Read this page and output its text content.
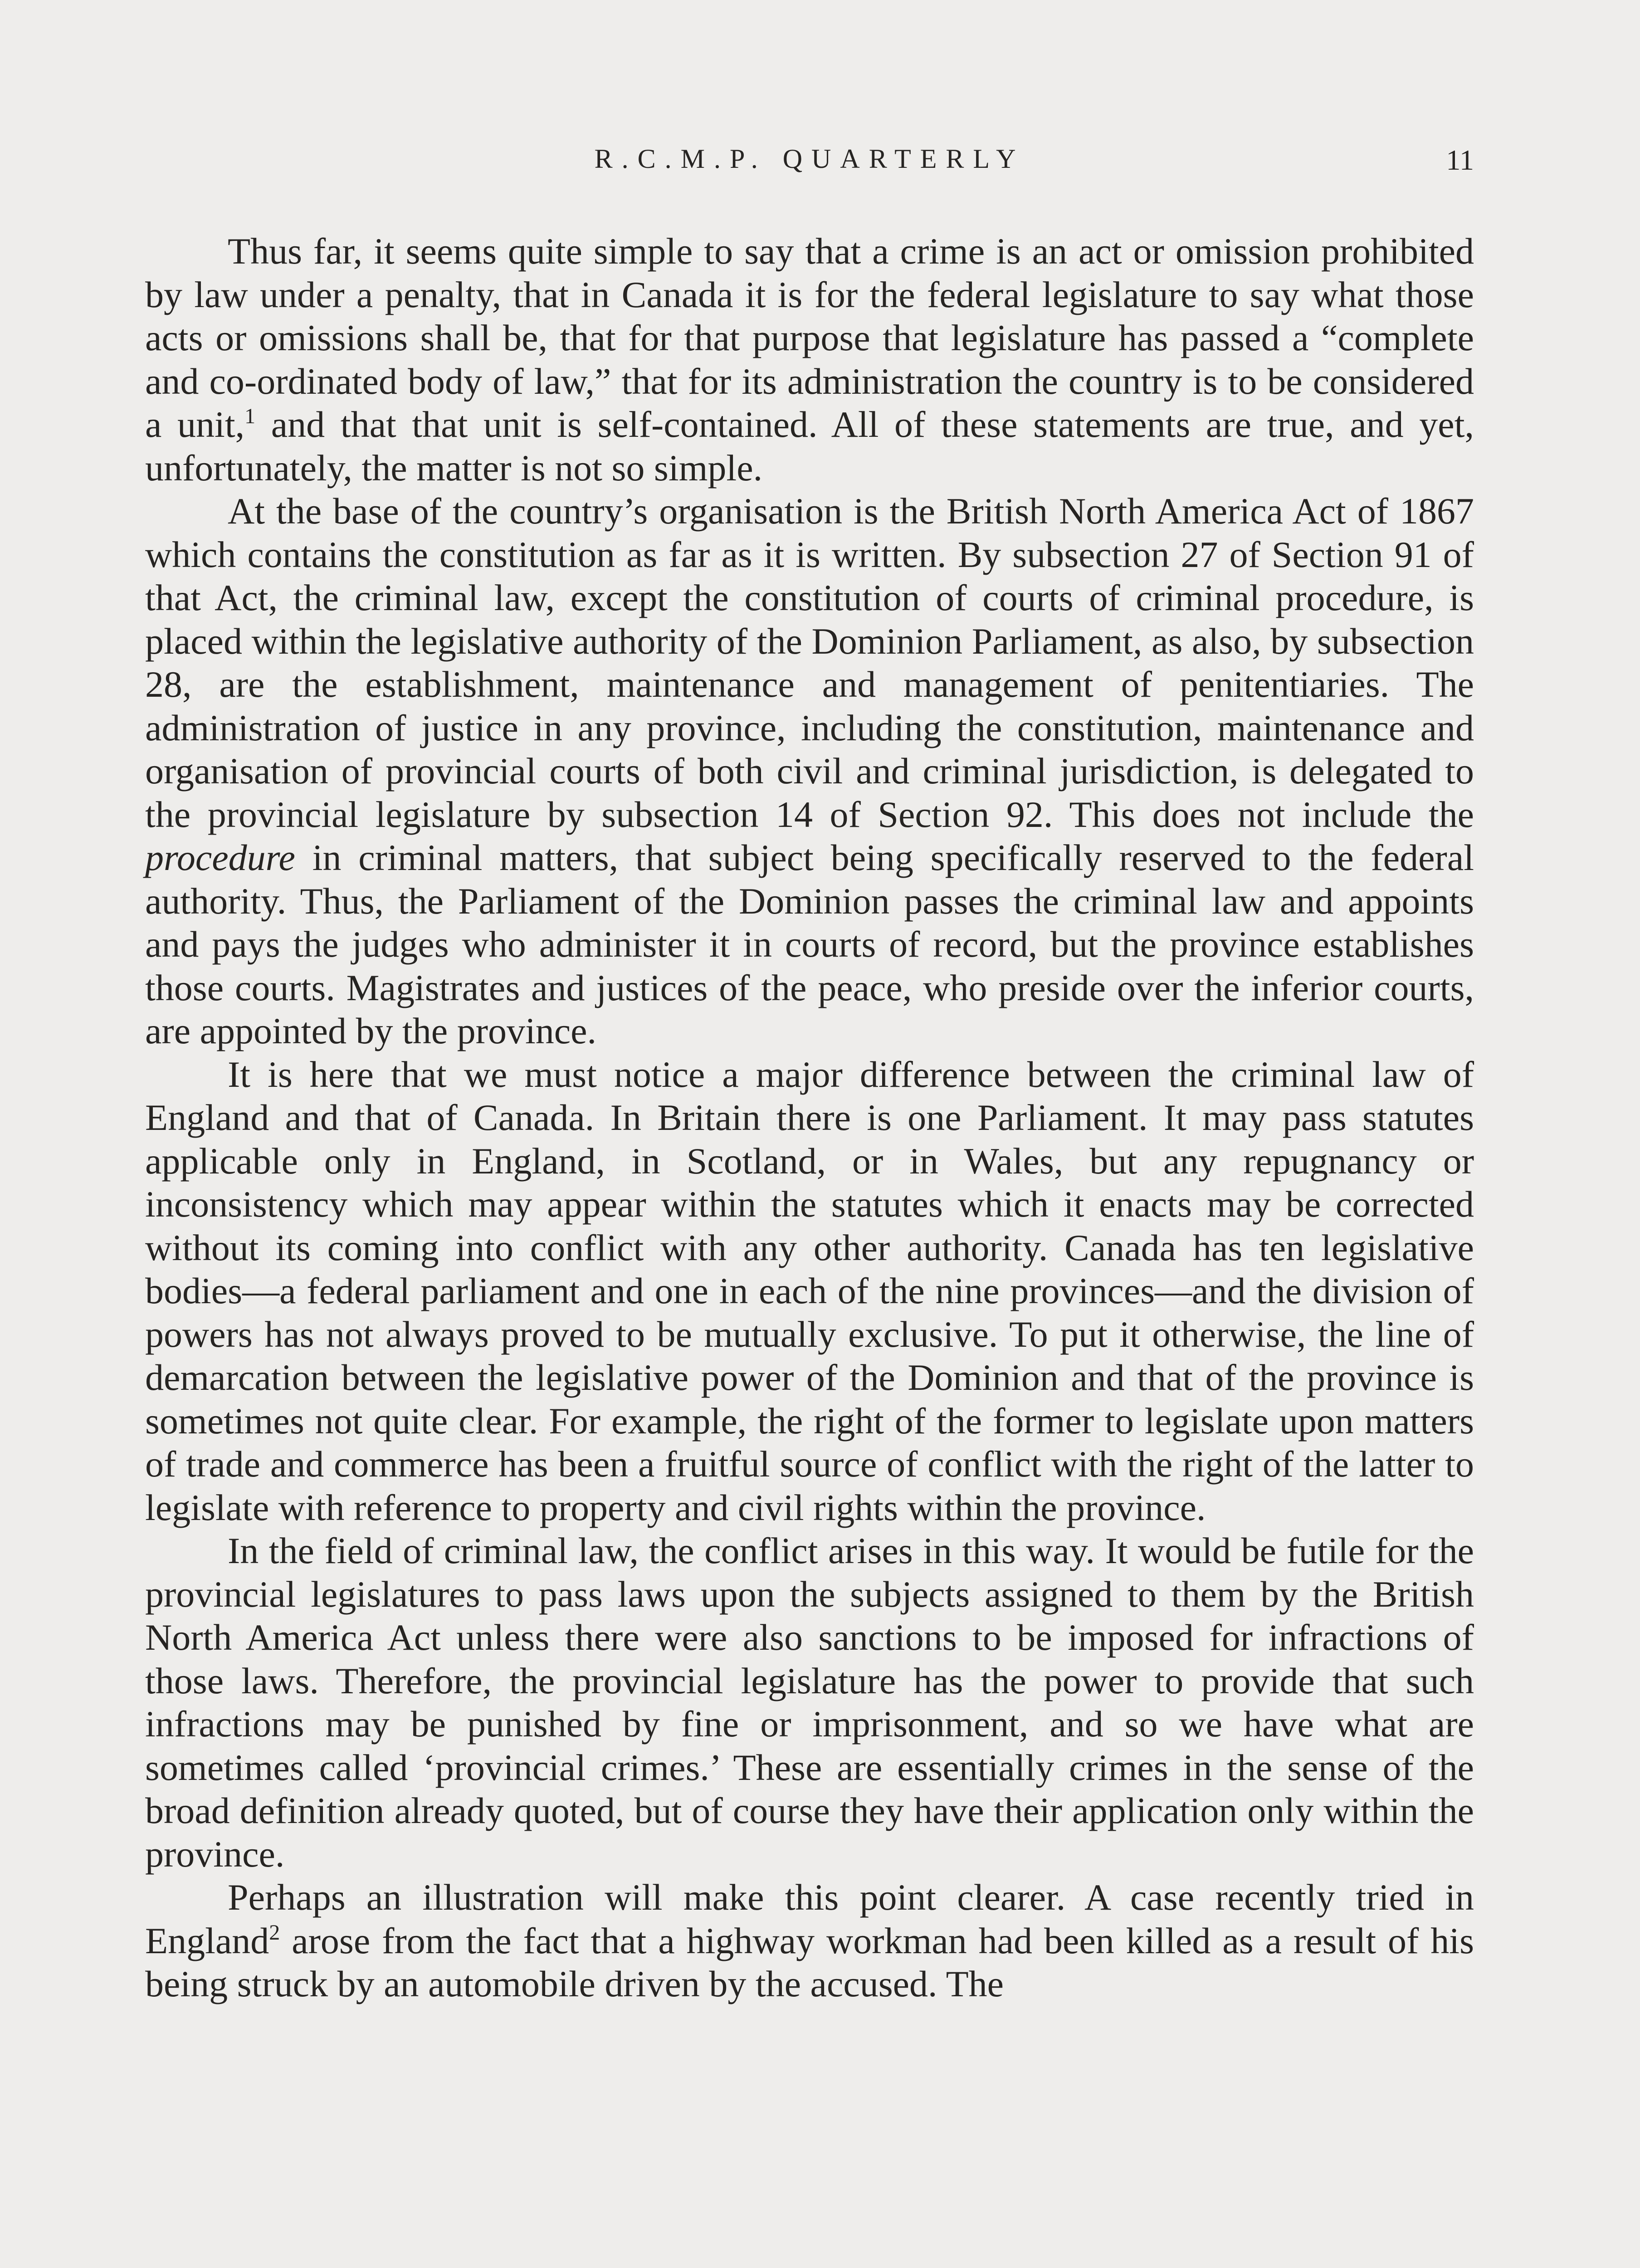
R.C.M.P. QUARTERLY	11

Thus far, it seems quite simple to say that a crime is an act or omission prohibited by law under a penalty, that in Canada it is for the federal legislature to say what those acts or omissions shall be, that for that purpose that legislature has passed a “complete and co-ordinated body of law,” that for its administration the country is to be considered a unit,$^1$ and that that unit is self-contained. All of these statements are true, and yet, unfortunately, the matter is not so simple.

At the base of the country’s organisation is the British North America Act of 1867 which contains the constitution as far as it is written. By subsection 27 of Section 91 of that Act, the criminal law, except the constitution of courts of criminal procedure, is placed within the legislative authority of the Dominion Parliament, as also, by subsection 28, are the establishment, maintenance and management of penitentiaries. The administration of justice in any province, including the constitution, maintenance and organisation of provincial courts of both civil and criminal jurisdiction, is delegated to the provincial legislature by subsection 14 of Section 92. This does not include the procedure in criminal matters, that subject being specifically reserved to the federal authority. Thus, the Parliament of the Dominion passes the criminal law and appoints and pays the judges who administer it in courts of record, but the province establishes those courts. Magistrates and justices of the peace, who preside over the inferior courts, are appointed by the province.

It is here that we must notice a major difference between the criminal law of England and that of Canada. In Britain there is one Parliament. It may pass statutes applicable only in England, in Scotland, or in Wales, but any repugnancy or inconsistency which may appear within the statutes which it enacts may be corrected without its coming into conflict with any other authority. Canada has ten legislative bodies—a federal parliament and one in each of the nine provinces—and the division of powers has not always proved to be mutually exclusive. To put it otherwise, the line of demarcation between the legislative power of the Dominion and that of the province is sometimes not quite clear. For example, the right of the former to legislate upon matters of trade and commerce has been a fruitful source of conflict with the right of the latter to legislate with reference to property and civil rights within the province.

In the field of criminal law, the conflict arises in this way. It would be futile for the provincial legislatures to pass laws upon the subjects assigned to them by the British North America Act unless there were also sanctions to be imposed for infractions of those laws. Therefore, the provincial legislature has the power to provide that such infractions may be punished by fine or imprisonment, and so we have what are sometimes called ‘provincial crimes.’ These are essentially crimes in the sense of the broad definition already quoted, but of course they have their application only within the province.

Perhaps an illustration will make this point clearer. A case recently tried in England$^2$ arose from the fact that a highway workman had been killed as a result of his being struck by an automobile driven by the accused. The
